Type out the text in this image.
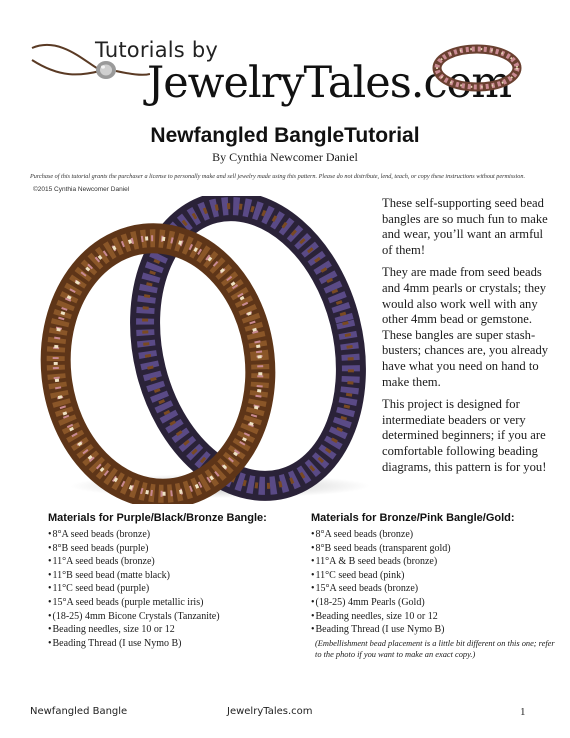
Tutorials by
JewelryTales.com
Newfangled BangleTutorial
By Cynthia Newcomer Daniel
Purchase of this tutorial grants the purchaser a license to personally make and sell jewelry made using this pattern. Please do not distribute, lend, teach, or copy these instructions without permission.
©2015 Cynthia Newcomer Daniel

These self-supporting seed bead bangles are so much fun to make and wear, you’ll want an armful of them!

They are made from seed beads and 4mm pearls or crystals; they would also work well with any other 4mm bead or gemstone. These bangles are super stash-busters; chances are, you already have what you need on hand to make them.

This project is designed for intermediate beaders or very determined beginners; if you are comfortable following beading diagrams, this pattern is for you!

Materials for Purple/Black/Bronze Bangle:
• 8°A seed beads (bronze)
• 8°B seed beads (purple)
• 11°A seed beads (bronze)
• 11°B seed bead (matte black)
• 11°C seed bead (purple)
• 15°A seed beads (purple metallic iris)
• (18-25) 4mm Bicone Crystals (Tanzanite)
• Beading needles, size 10 or 12
• Beading Thread (I use Nymo B)
Materials for Bronze/Pink Bangle/Gold:
• 8°A seed beads (bronze)
• 8°B seed beads (transparent gold)
• 11°A & B seed beads (bronze)
• 11°C seed bead (pink)
• 15°A seed beads (bronze)
• (18-25) 4mm Pearls (Gold)
• Beading needles, size 10 or 12
• Beading Thread (I use Nymo B)
(Embellishment bead placement is a little bit different on this one; refer to the photo if you want to make an exact copy.)
Newfangled Bangle	JewelryTales.com	1
